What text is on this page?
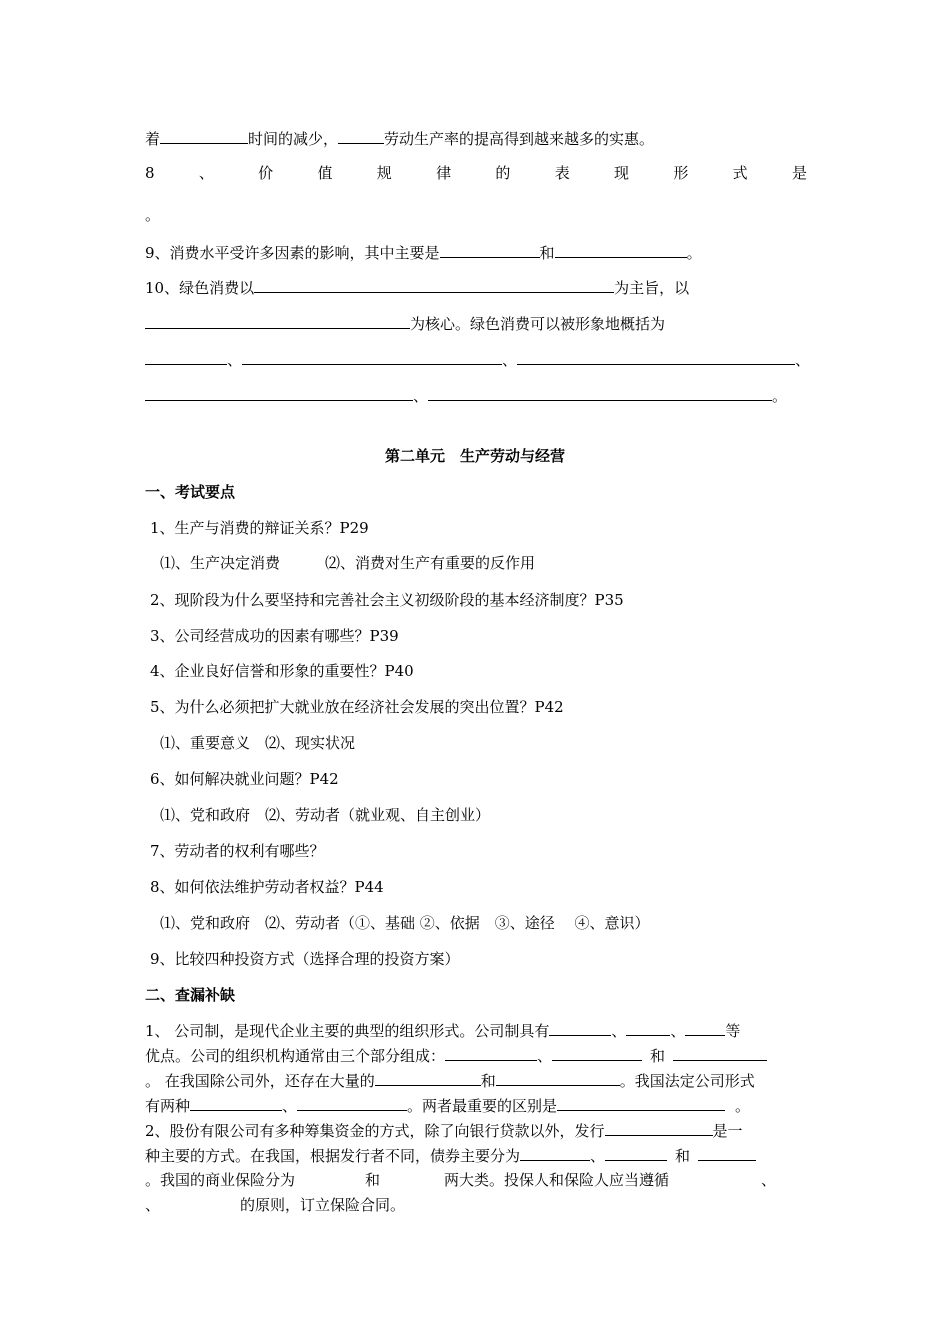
着	时间的减少，	劳动生产率的提高得到越来越多的实惠。
8	、	价	值	规	律	的	表	现	形	式	是
。
9、消费水平受许多因素的影响，其中主要是	和	。
10、绿色消费以	为主旨，以
为核心。绿色消费可以被形象地概括为
、	、	、
、	。
第二单元　生产劳动与经营
一、考试要点
1、生产与消费的辩证关系？P29
⑴、生产决定消费　　　⑵、消费对生产有重要的反作用
2、现阶段为什么要坚持和完善社会主义初级阶段的基本经济制度？P35
3、公司经营成功的因素有哪些？P39
4、企业良好信誉和形象的重要性？P40
5、为什么必须把扩大就业放在经济社会发展的突出位置？P42
⑴、重要意义　⑵、现实状况
6、如何解决就业问题？P42
⑴、党和政府　⑵、劳动者（就业观、自主创业）
7、劳动者的权利有哪些？
8、如何依法维护劳动者权益？P44
⑴、党和政府　⑵、劳动者（①、基础 ②、依据　③、途径　 ④、意识）
9、比较四种投资方式（选择合理的投资方案）
二、查漏补缺
1、 公司制，是现代企业主要的典型的组织形式。公司制具有	、	、	等
优点。公司的组织机构通常由三个部分组成：	、	和
。 在我国除公司外，还存在大量的	和	。我国法定公司形式
有两种	、	。两者最重要的区别是	。
2、股份有限公司有多种筹集资金的方式，除了向银行贷款以外，发行	是一
种主要的方式。在我国，根据发行者不同，债券主要分为	、	和
。我国的商业保险分为	和	两大类。投保人和保险人应当遵循	、
、	的原则，订立保险合同。
